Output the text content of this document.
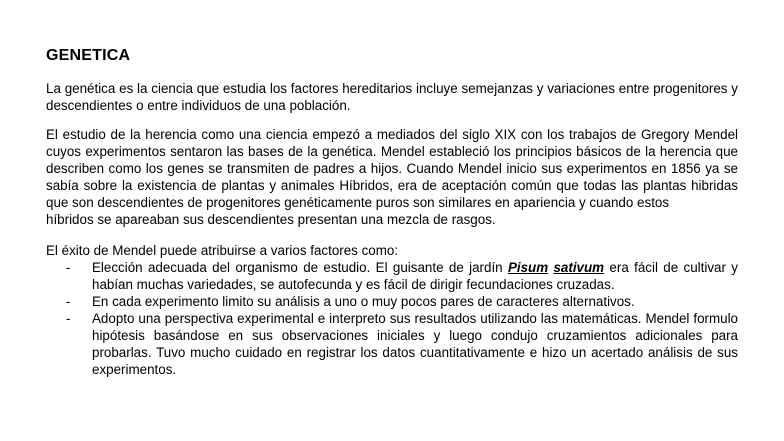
GENETICA

La genética es la ciencia que estudia los factores hereditarios incluye semejanzas y variaciones entre progenitores y descendientes o entre individuos de una población.

El estudio de la herencia como una ciencia empezó a mediados del siglo XIX con los trabajos de Gregory Mendel cuyos experimentos sentaron las bases de la genética. Mendel estableció los principios básicos de la herencia que describen como los genes se transmiten de padres a hijos. Cuando Mendel inicio sus experimentos en 1856 ya se sabía sobre la existencia de plantas y animales Híbridos, era de aceptación común que todas las plantas hibridas que son descendientes de progenitores genéticamente puros son similares en apariencia y cuando estos

híbridos se apareaban sus descendientes presentan una mezcla de rasgos.

El éxito de Mendel puede atribuirse a varios factores como:

- Elección adecuada del organismo de estudio. El guisante de jardín Pisum sativum era fácil de cultivar y habían muchas variedades, se autofecunda y es fácil de dirigir fecundaciones cruzadas.
- En cada experimento limito su análisis a uno o muy pocos pares de caracteres alternativos.
- Adopto una perspectiva experimental e interpreto sus resultados utilizando las matemáticas. Mendel formulo hipótesis basándose en sus observaciones iniciales y luego condujo cruzamientos adicionales para probarlas. Tuvo mucho cuidado en registrar los datos cuantitativamente e hizo un acertado análisis de sus experimentos.
